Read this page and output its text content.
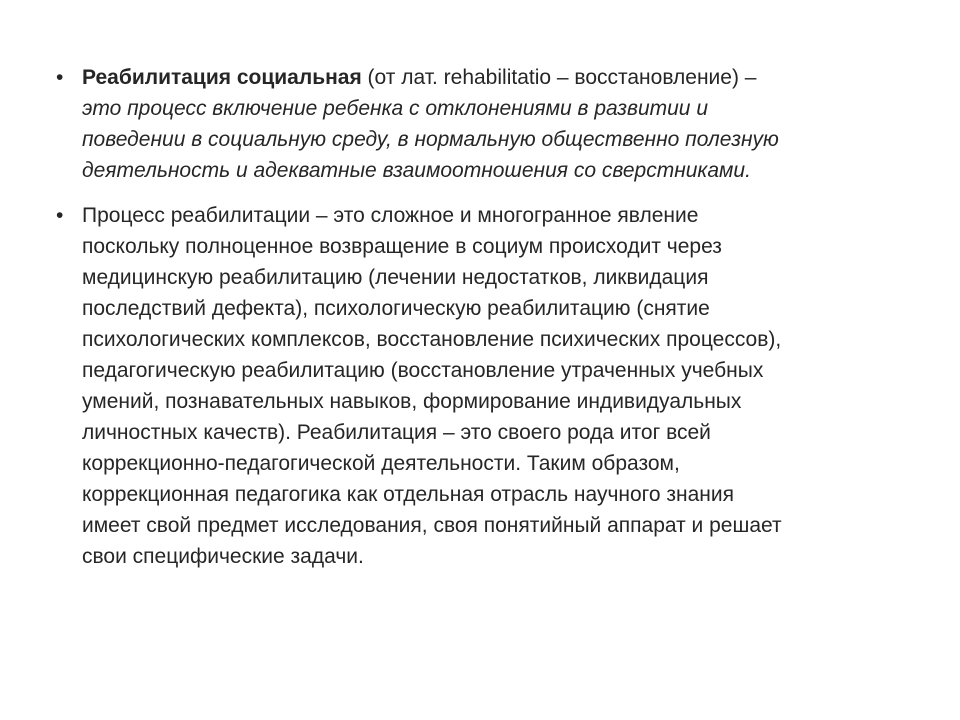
• Реабилитация социальная (от лат. rehabilitatio – восстановление) –
это процесс включение ребенка с отклонениями в развитии и
поведении в социальную среду, в нормальную общественно полезную
деятельность и адекватные взаимоотношения со сверстниками.
• Процесс реабилитации – это сложное и многогранное явление
поскольку полноценное возвращение в социум происходит через
медицинскую реабилитацию (лечении недостатков, ликвидация
последствий дефекта), психологическую реабилитацию (снятие
психологических комплексов, восстановление психических процессов),
педагогическую реабилитацию (восстановление утраченных учебных
умений, познавательных навыков, формирование индивидуальных
личностных качеств). Реабилитация – это своего рода итог всей
коррекционно-педагогической деятельности. Таким образом,
коррекционная педагогика как отдельная отрасль научного знания
имеет свой предмет исследования, своя понятийный аппарат и решает
свои специфические задачи.
